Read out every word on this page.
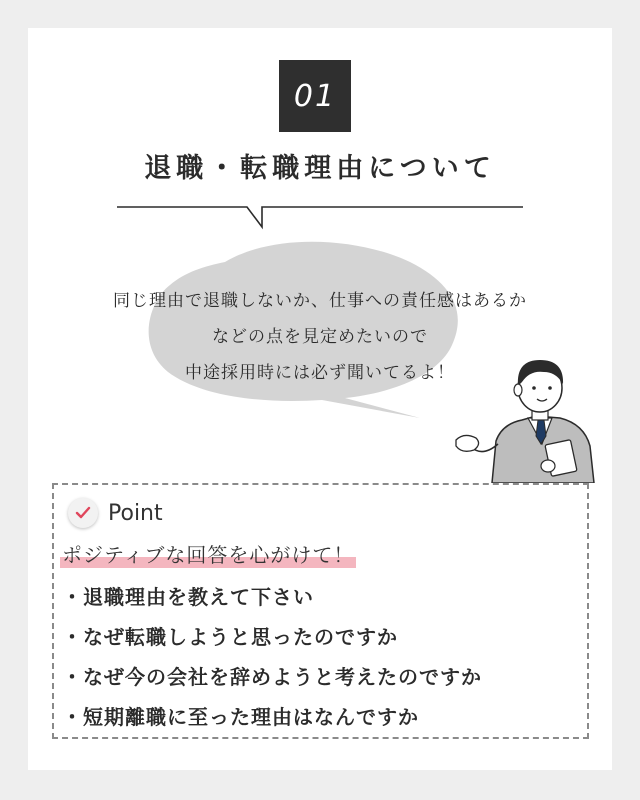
01
退職・転職理由について
同じ理由で退職しないか、仕事への責任感はあるか
などの点を見定めたいので
中途採用時には必ず聞いてるよ！
Point
ポジティブな回答を心がけて！
・退職理由を教えて下さい
・なぜ転職しようと思ったのですか
・なぜ今の会社を辞めようと考えたのですか
・短期離職に至った理由はなんですか
